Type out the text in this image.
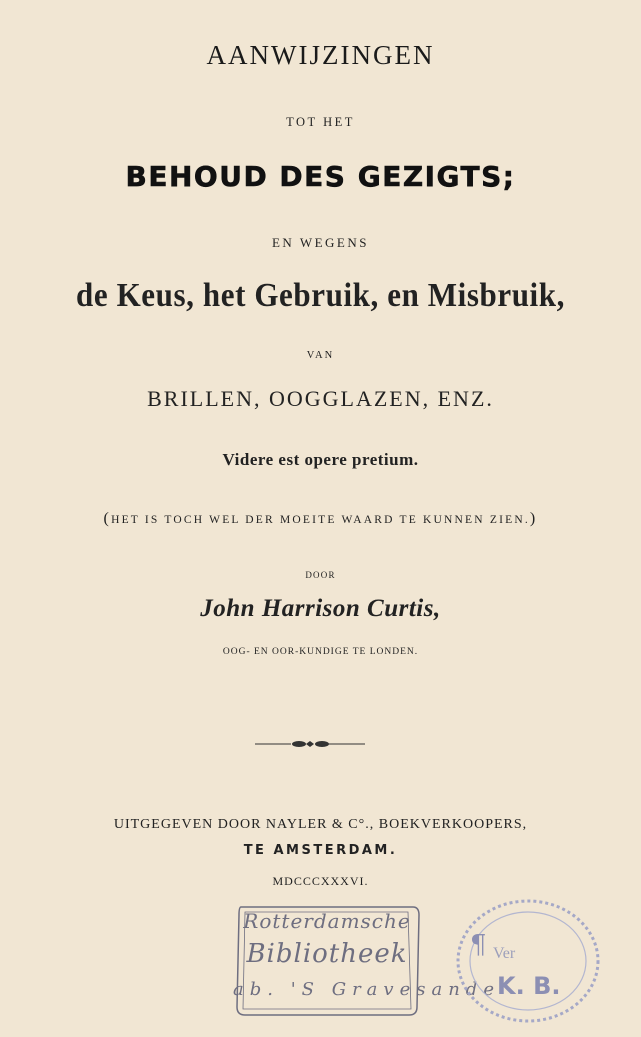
AANWIJZINGEN
TOT HET
BEHOUD DES GEZIGTS;
EN WEGENS
de Keus, het Gebruik, en Misbruik,
VAN
BRILLEN, OOGGLAZEN, ENZ.
Videre est opere pretium.
(HET IS TOCH WEL DER MOEITE WAARD TE KUNNEN ZIEN.)
DOOR
John Harrison Curtis,
OOG- EN OOR-KUNDIGE TE LONDEN.
UITGEGEVEN DOOR NAYLER & C°., BOEKVERKOOPERS,
TE AMSTERDAM.
MDCCCXXXVI.
Rotterdamsche
Bibliotheek
ab. 'S Gravesande
¶ Ver
K. B.
